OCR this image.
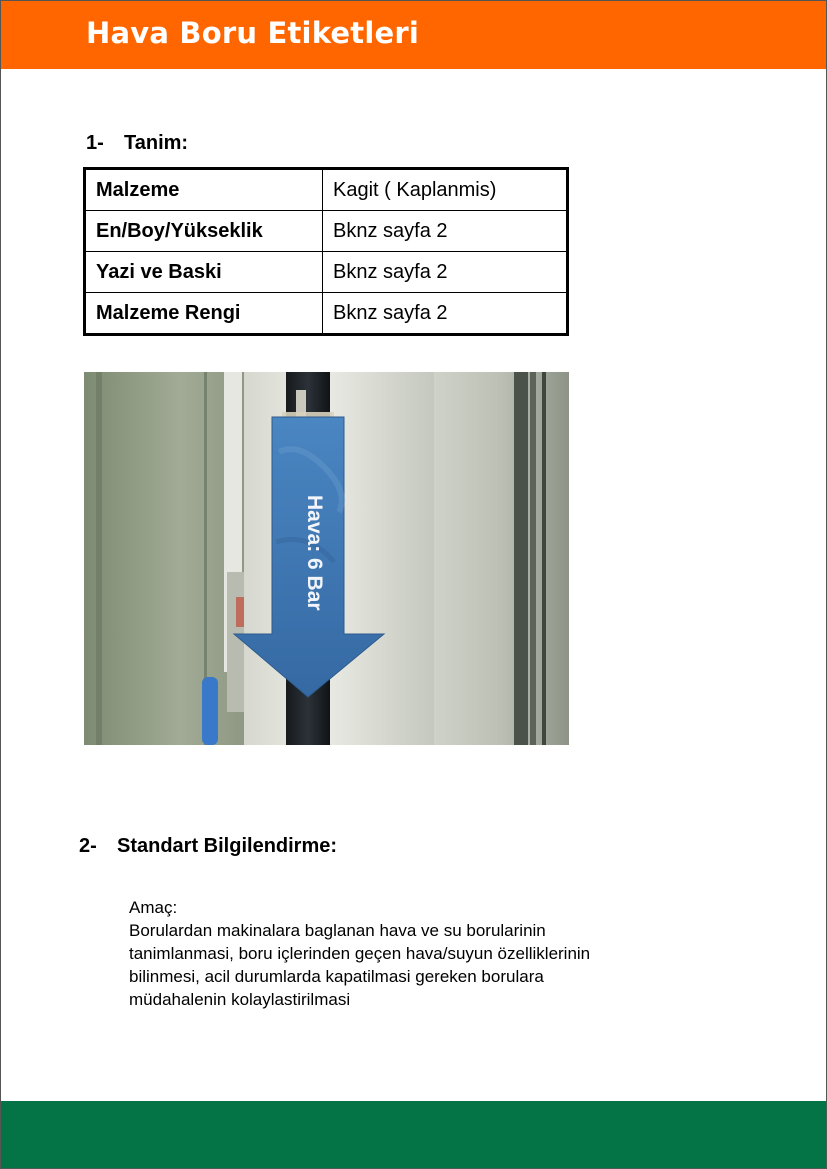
Hava Boru Etiketleri
1- Tanim:
Malzeme	Kagit ( Kaplanmis)
En/Boy/Yükseklik	Bknz sayfa 2
Yazi ve Baski	Bknz sayfa 2
Malzeme Rengi	Bknz sayfa 2
Hava: 6 Bar
2- Standart Bilgilendirme:

Amaç:

Borulardan makinalara baglanan hava ve su borularinin tanimlanmasi, boru içlerinden geçen hava/suyun özelliklerinin bilinmesi, acil durumlarda kapatilmasi gereken borulara müdahalenin kolaylastirilmasi
